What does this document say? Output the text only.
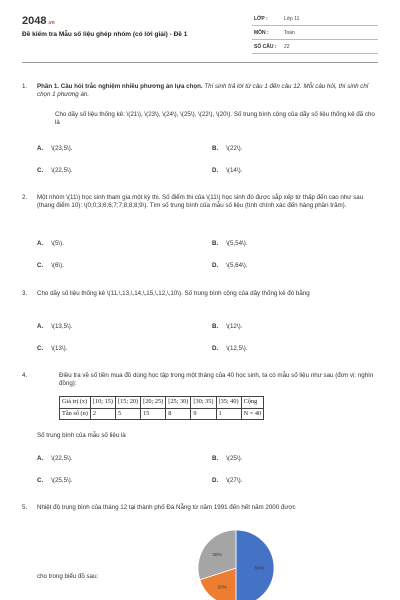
2048.vn
Đề kiểm tra Mẫu số liệu ghép nhóm (có lời giải) - Đề 1
LỚP :	Lớp 11
MÔN :	Toán
SỐ CÂU : 22
1. Phần 1. Câu hỏi trắc nghiệm nhiều phương án lựa chọn. Thí sinh trả lời từ câu 1 đến câu 12. Mỗi câu hỏi, thí sinh chỉ chọn 1 phương án.
Cho dãy số liệu thống kê: \(21\), \(23\), \(24\), \(25\), \(22\), \(20\). Số trung bình cộng của dãy số liệu thống kê đã cho là
A. \(23,5\).	B. \(22\).
C. \(22,5\).	D. \(14\).
2. Một nhóm \(11\) học sinh tham gia một kỳ thi. Số điểm thi của \(11\) học sinh đó được sắp xếp từ thấp đến cao như sau (thang điểm 10): \(0;0;3;6;6;7;7;8;8;8;9\). Tìm số trung bình của mẫu số liệu (tính chính xác đến hàng phần trăm).
A. \(5\).	B. \(5,54\).
C. \(6\).	D. \(5,64\).
3. Cho dãy số liệu thống kê \(11,\,13,\,14,\,15,\,12,\,10\). Số trung bình cộng của dãy thống kê đó bằng
A. \(13,5\).	B. \(12\).
C. \(13\).	D. \(12,5\).
4.	Điều tra về số tiền mua đồ dùng học tập trong một tháng của 40 học sinh, ta có mẫu số liệu như sau (đơn vị: nghìn đồng):
Giá trị (x)	[10; 15)	[15; 20)	[20; 25)	[25; 30)	[30; 35)	[35; 40)	Cộng
Tần số (n)	2	5	15	8	9	1	N = 40
Số trung bình của mẫu số liệu là
A. \(22,5\).	B. \(25\).
C. \(25,5\).	D. \(27\).
5. Nhiệt độ trung bình của tháng 12 tại thành phố Đà Nẵng từ năm 1991 đến hết năm 2000 được
cho trong biểu đồ sau:
50%
20%
30%
